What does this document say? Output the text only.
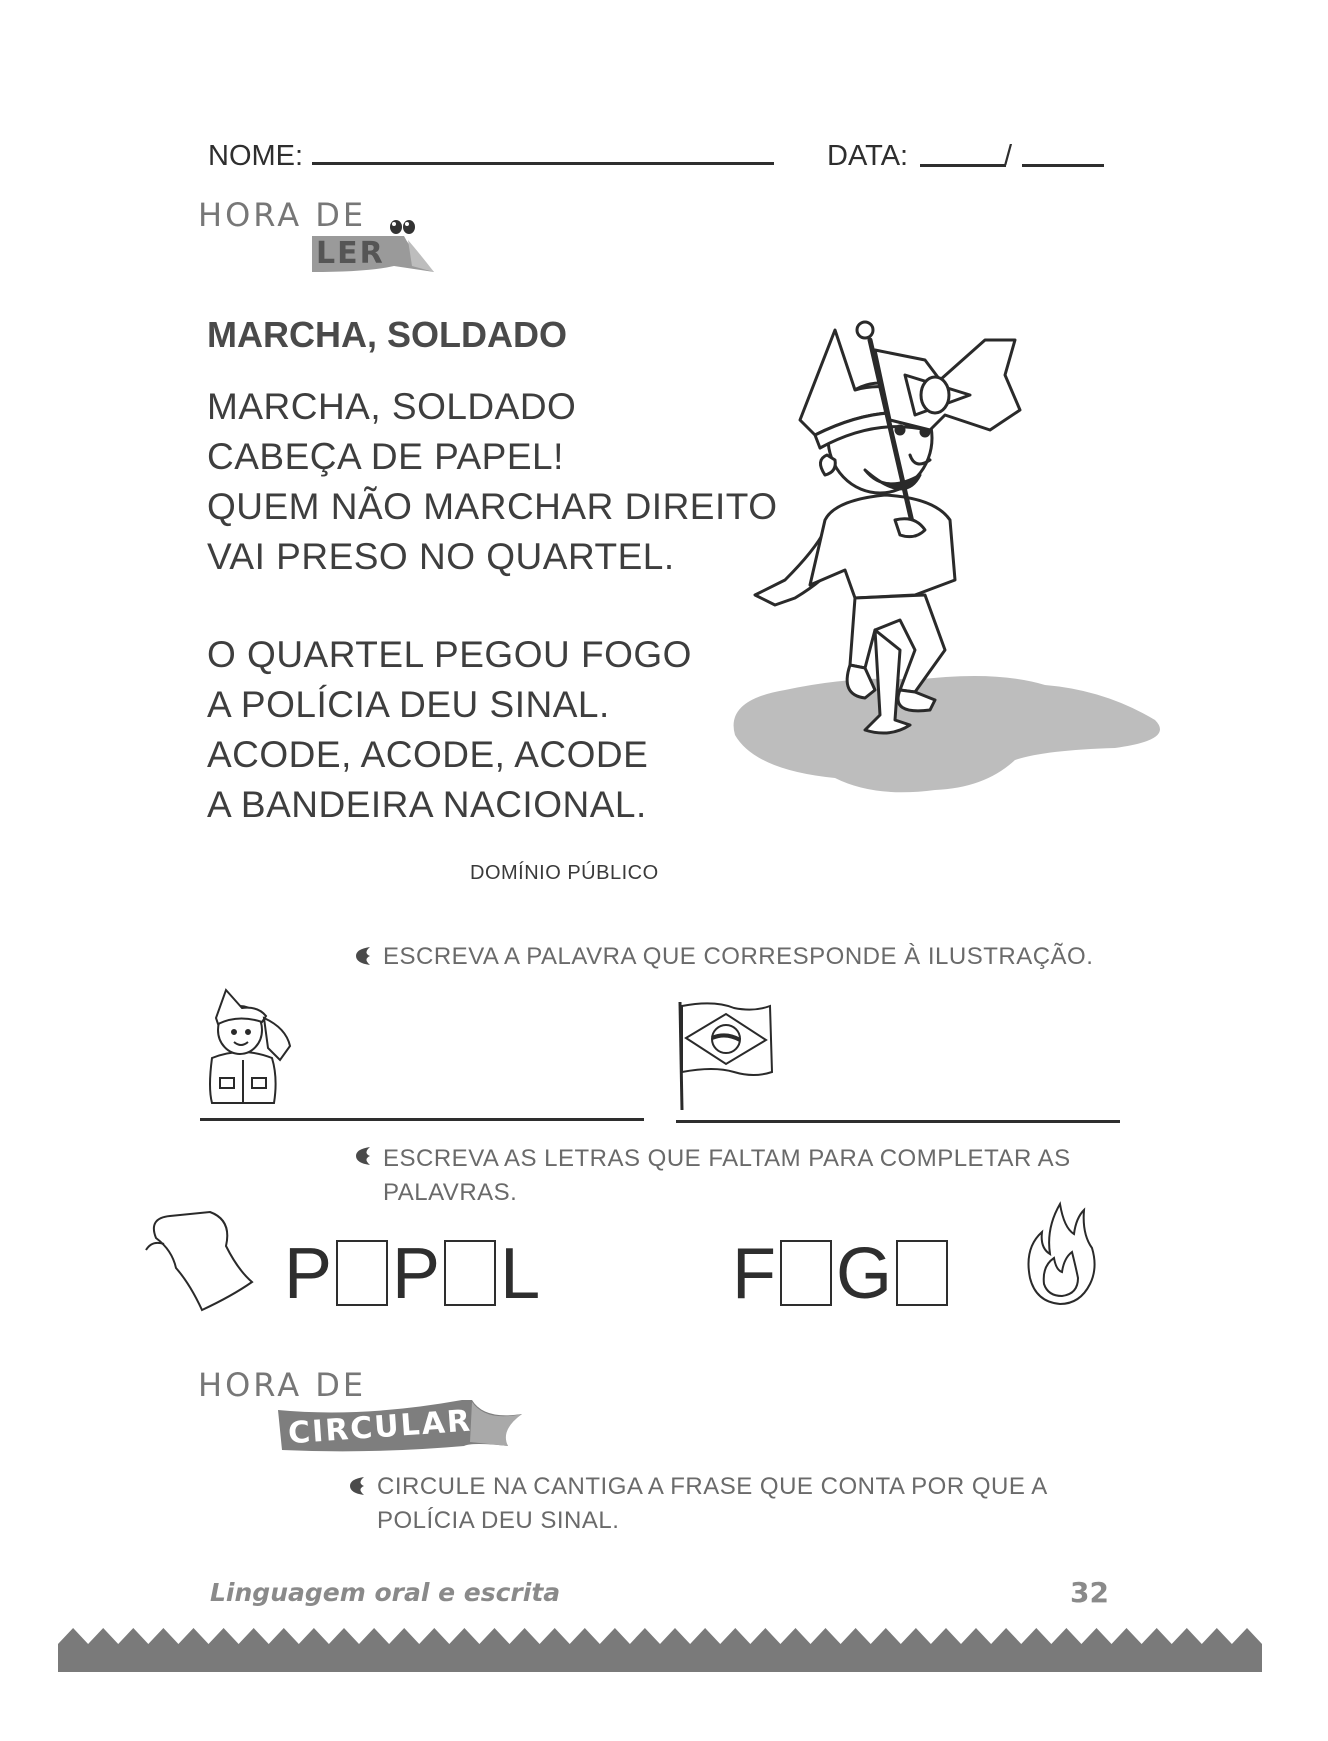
NOME:	DATA:	/
HORA DE
LER
MARCHA, SOLDADO
MARCHA, SOLDADO
CABEÇA DE PAPEL!
QUEM NÃO MARCHAR DIREITO
VAI PRESO NO QUARTEL.
O QUARTEL PEGOU FOGO
A POLÍCIA DEU SINAL.
ACODE, ACODE, ACODE
A BANDEIRA NACIONAL.
DOMÍNIO PÚBLICO
ESCREVA A PALAVRA QUE CORRESPONDE À ILUSTRAÇÃO.
ESCREVA AS LETRAS QUE FALTAM PARA COMPLETAR AS
PALAVRAS.
P P L	F G
HORA DE
CIRCULAR
CIRCULE NA CANTIGA A FRASE QUE CONTA POR QUE A
POLÍCIA DEU SINAL.
Linguagem oral e escrita	32
